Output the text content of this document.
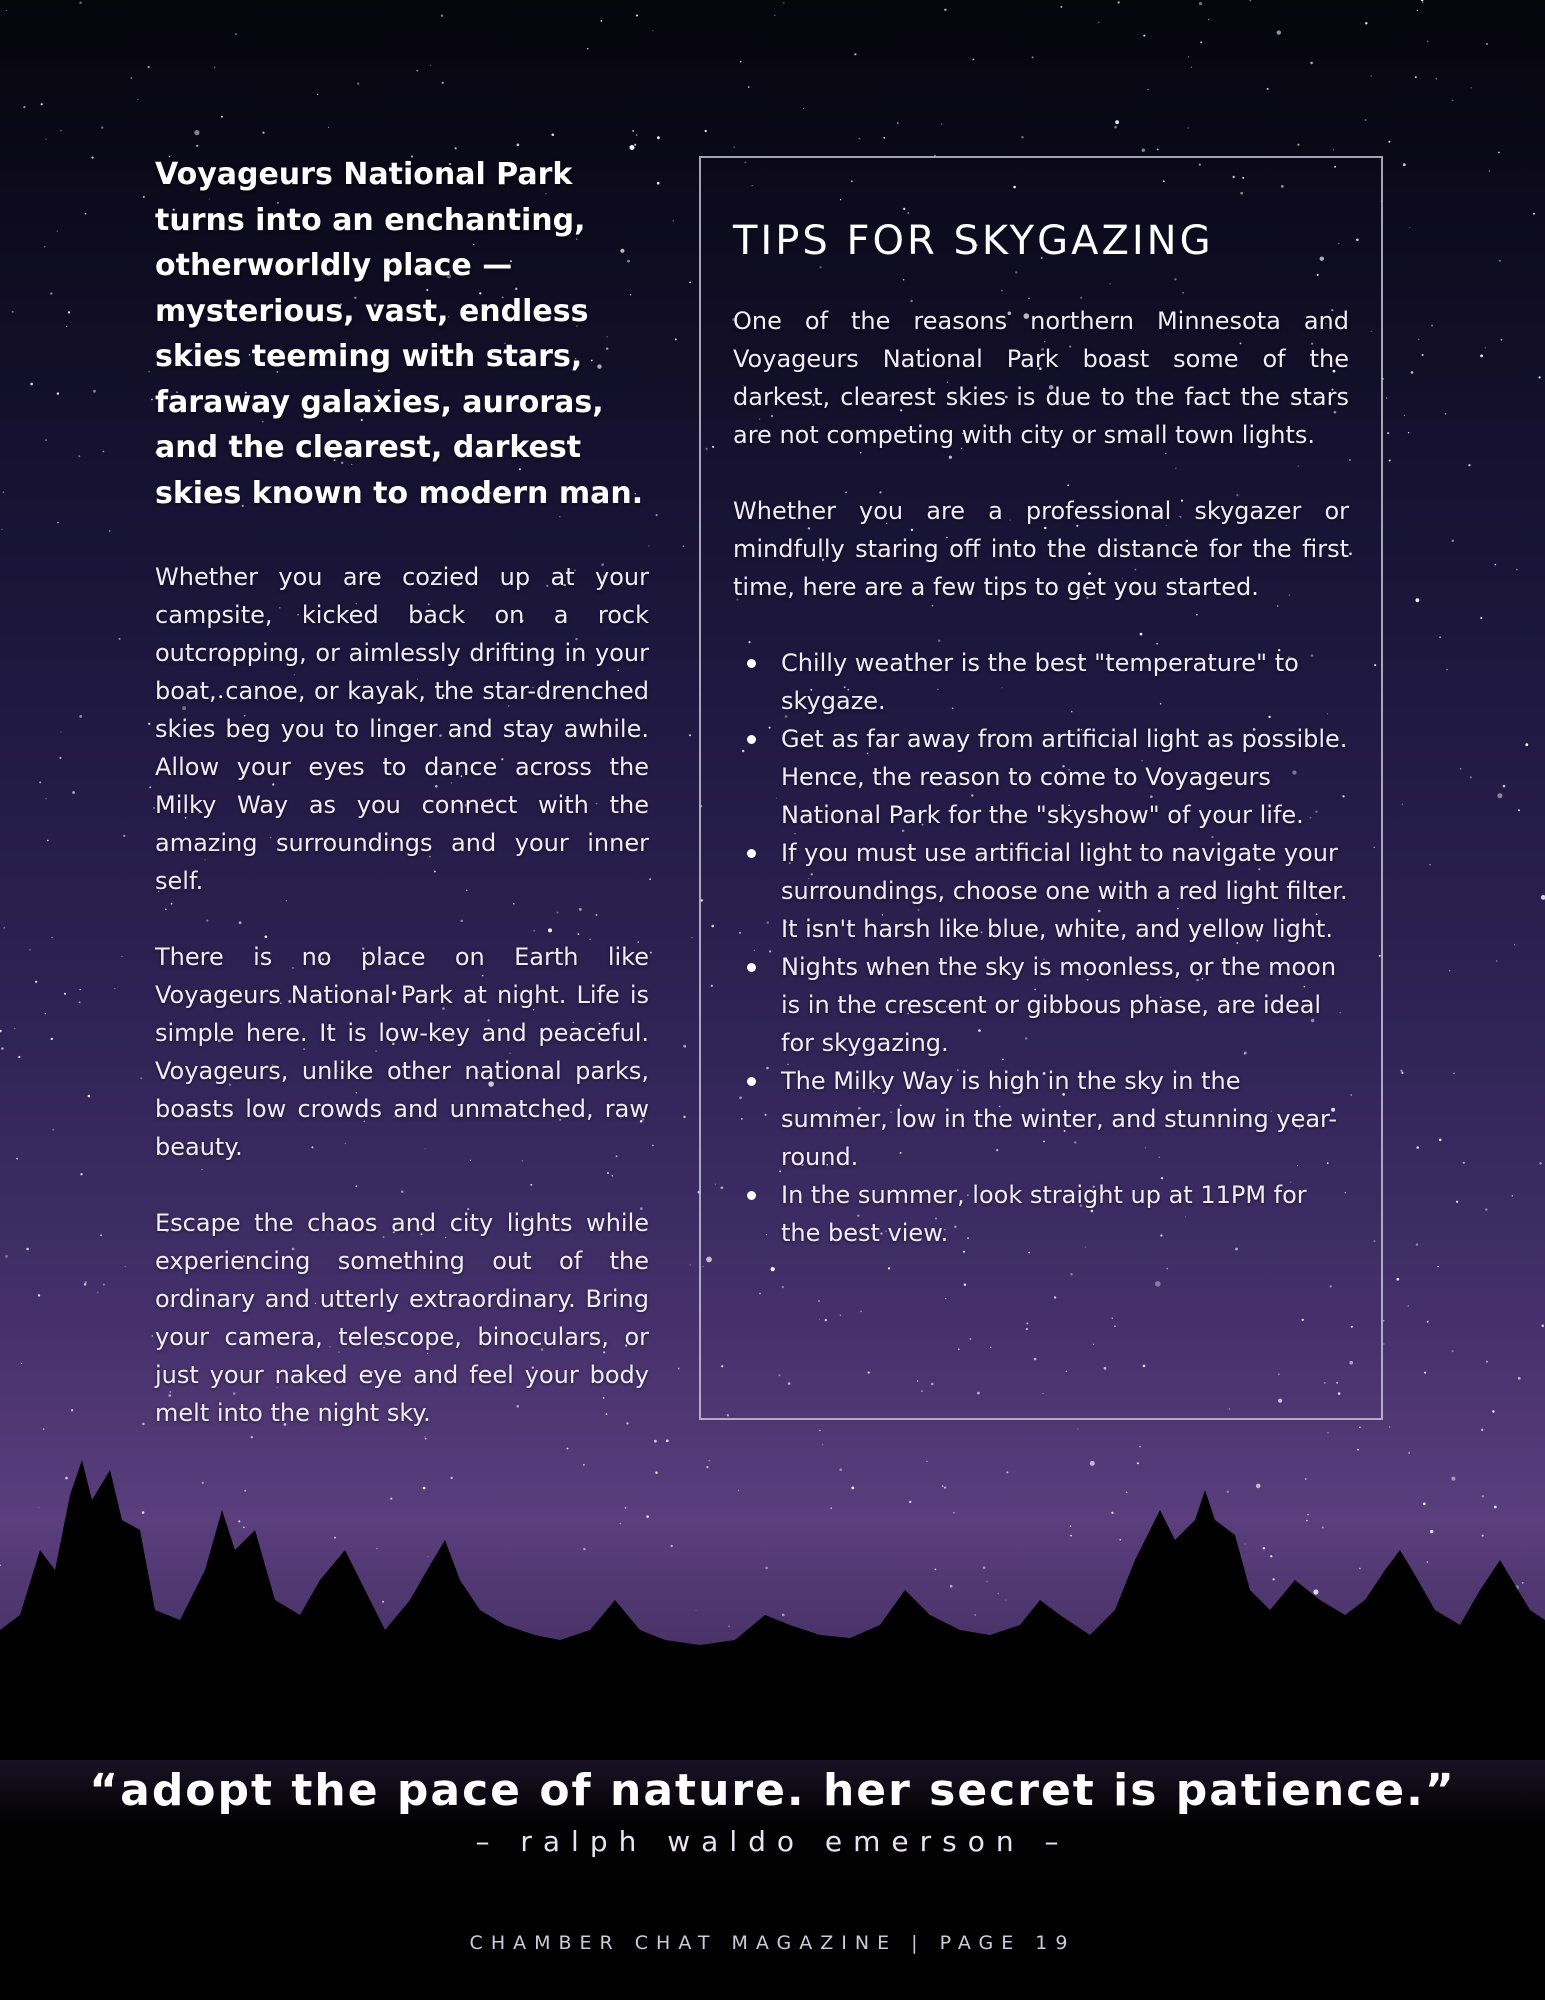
Voyageurs National Park turns into an enchanting, otherworldly place — mysterious, vast, endless skies teeming with stars, faraway galaxies, auroras, and the clearest, darkest skies known to modern man.

Whether you are cozied up at your campsite, kicked back on a rock outcropping, or aimlessly drifting in your boat, canoe, or kayak, the star-drenched skies beg you to linger and stay awhile. Allow your eyes to dance across the Milky Way as you connect with the amazing surroundings and your inner self.

There is no place on Earth like Voyageurs National Park at night. Life is simple here. It is low-key and peaceful. Voyageurs, unlike other national parks, boasts low crowds and unmatched, raw beauty.

Escape the chaos and city lights while experiencing something out of the ordinary and utterly extraordinary. Bring your camera, telescope, binoculars, or just your naked eye and feel your body melt into the night sky.

TIPS FOR SKYGAZING

One of the reasons northern Minnesota and Voyageurs National Park boast some of the darkest, clearest skies is due to the fact the stars are not competing with city or small town lights.

Whether you are a professional skygazer or mindfully staring off into the distance for the first time, here are a few tips to get you started.

Chilly weather is the best "temperature" to skygaze.
Get as far away from artificial light as possible. Hence, the reason to come to Voyageurs National Park for the "skyshow" of your life.
If you must use artificial light to navigate your surroundings, choose one with a red light filter. It isn't harsh like blue, white, and yellow light.
Nights when the sky is moonless, or the moon is in the crescent or gibbous phase, are ideal for skygazing.
The Milky Way is high in the sky in the summer, low in the winter, and stunning year-round.
In the summer, look straight up at 11PM for the best view.
“adopt the pace of nature. her secret is patience.”
– ralph waldo emerson –
CHAMBER CHAT MAGAZINE | PAGE 19
